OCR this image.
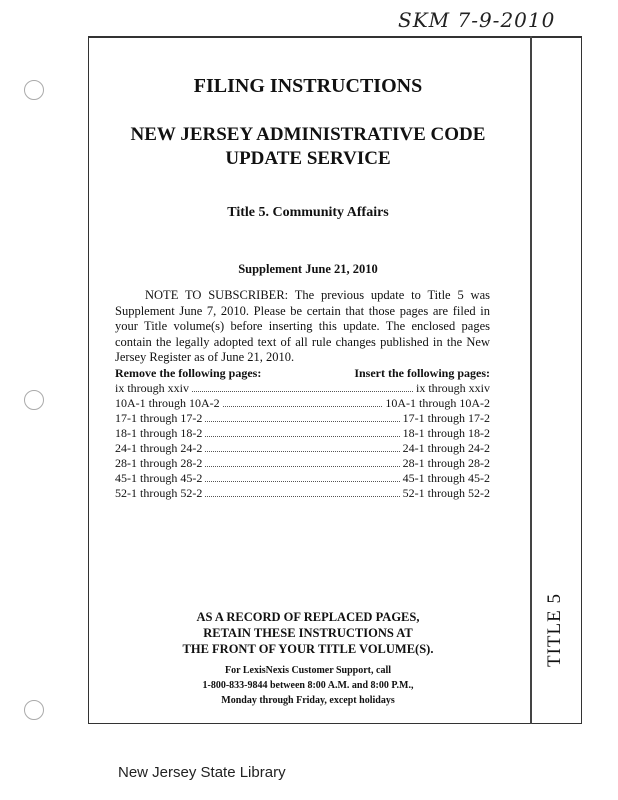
SKM 7-9-2010
TITLE 5
FILING INSTRUCTIONS
NEW JERSEY ADMINISTRATIVE CODE
UPDATE SERVICE
Title 5. Community Affairs
Supplement June 21, 2010
NOTE TO SUBSCRIBER: The previous update to Title 5 was Supplement June 7, 2010. Please be certain that those pages are filed in your Title volume(s) before inserting this update. The enclosed pages contain the legally adopted text of all rule changes published in the New Jersey Register as of June 21, 2010.
Remove the following pages:	Insert the following pages:
ix through xxiv	ix through xxiv
10A-1 through 10A-2	10A-1 through 10A-2
17-1 through 17-2	17-1 through 17-2
18-1 through 18-2	18-1 through 18-2
24-1 through 24-2	24-1 through 24-2
28-1 through 28-2	28-1 through 28-2
45-1 through 45-2	45-1 through 45-2
52-1 through 52-2	52-1 through 52-2
AS A RECORD OF REPLACED PAGES,
RETAIN THESE INSTRUCTIONS AT
THE FRONT OF YOUR TITLE VOLUME(S).
For LexisNexis Customer Support, call
1-800-833-9844 between 8:00 A.M. and 8:00 P.M.,
Monday through Friday, except holidays
New Jersey State Library
